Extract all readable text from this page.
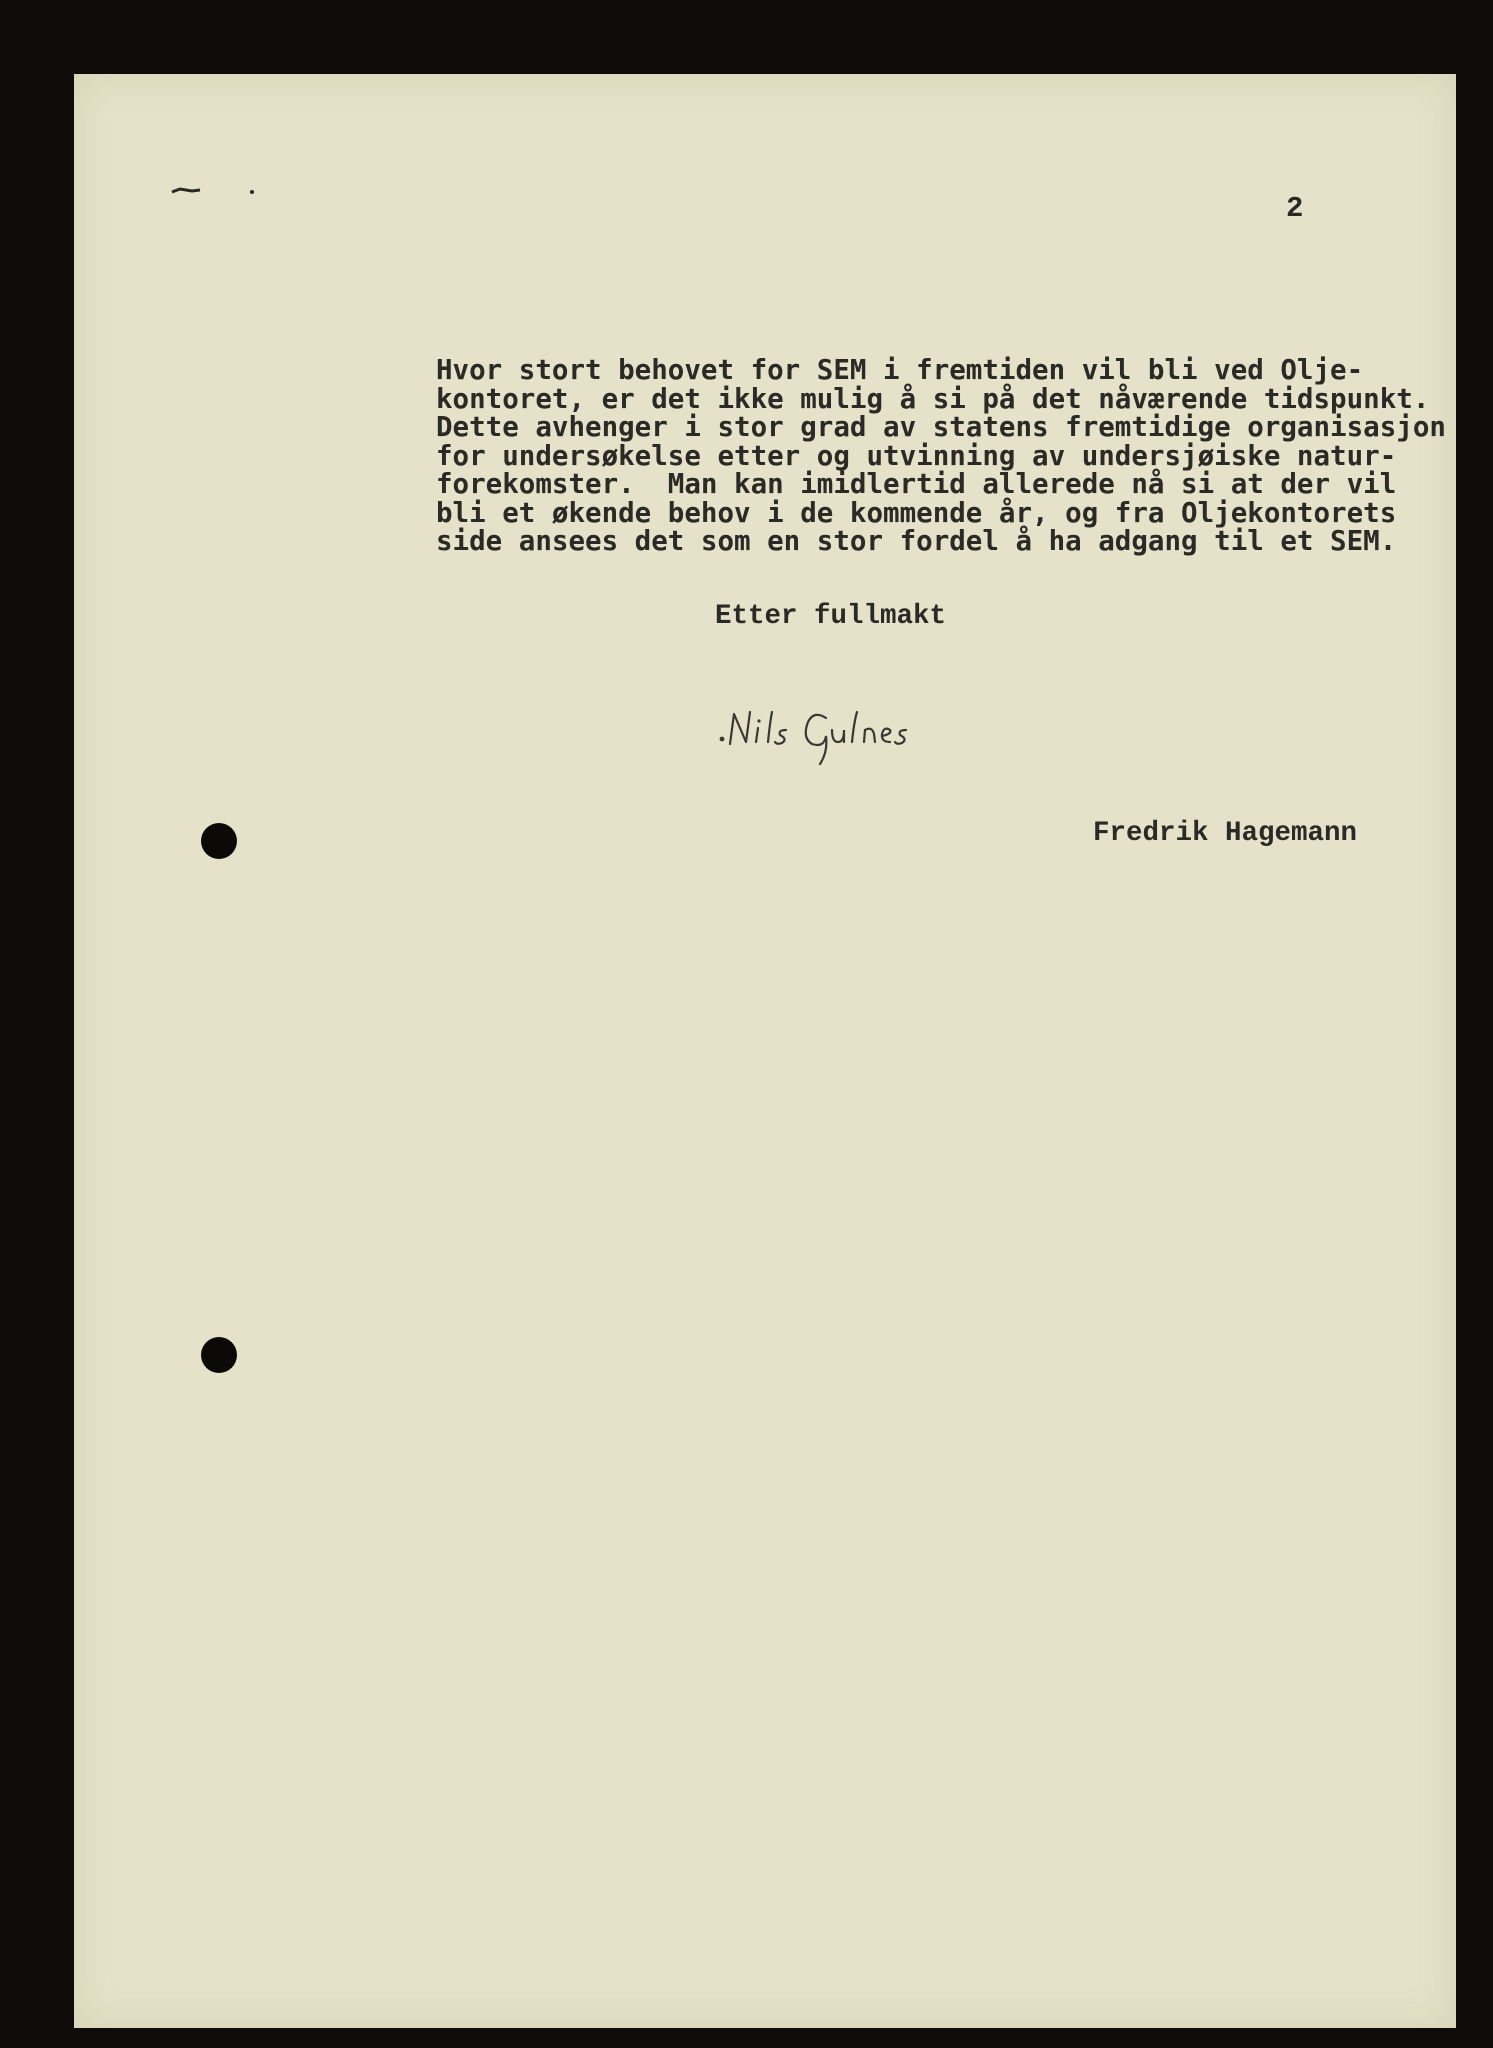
2
Hvor stort behovet for SEM i fremtiden vil bli ved Olje-
kontoret, er det ikke mulig å si på det nåværende tidspunkt.
Dette avhenger i stor grad av statens fremtidige organisasjon
for undersøkelse etter og utvinning av undersjøiske natur-
forekomster.  Man kan imidlertid allerede nå si at der vil
bli et økende behov i de kommende år, og fra Oljekontorets
side ansees det som en stor fordel å ha adgang til et SEM.
Etter fullmakt
Fredrik Hagemann
